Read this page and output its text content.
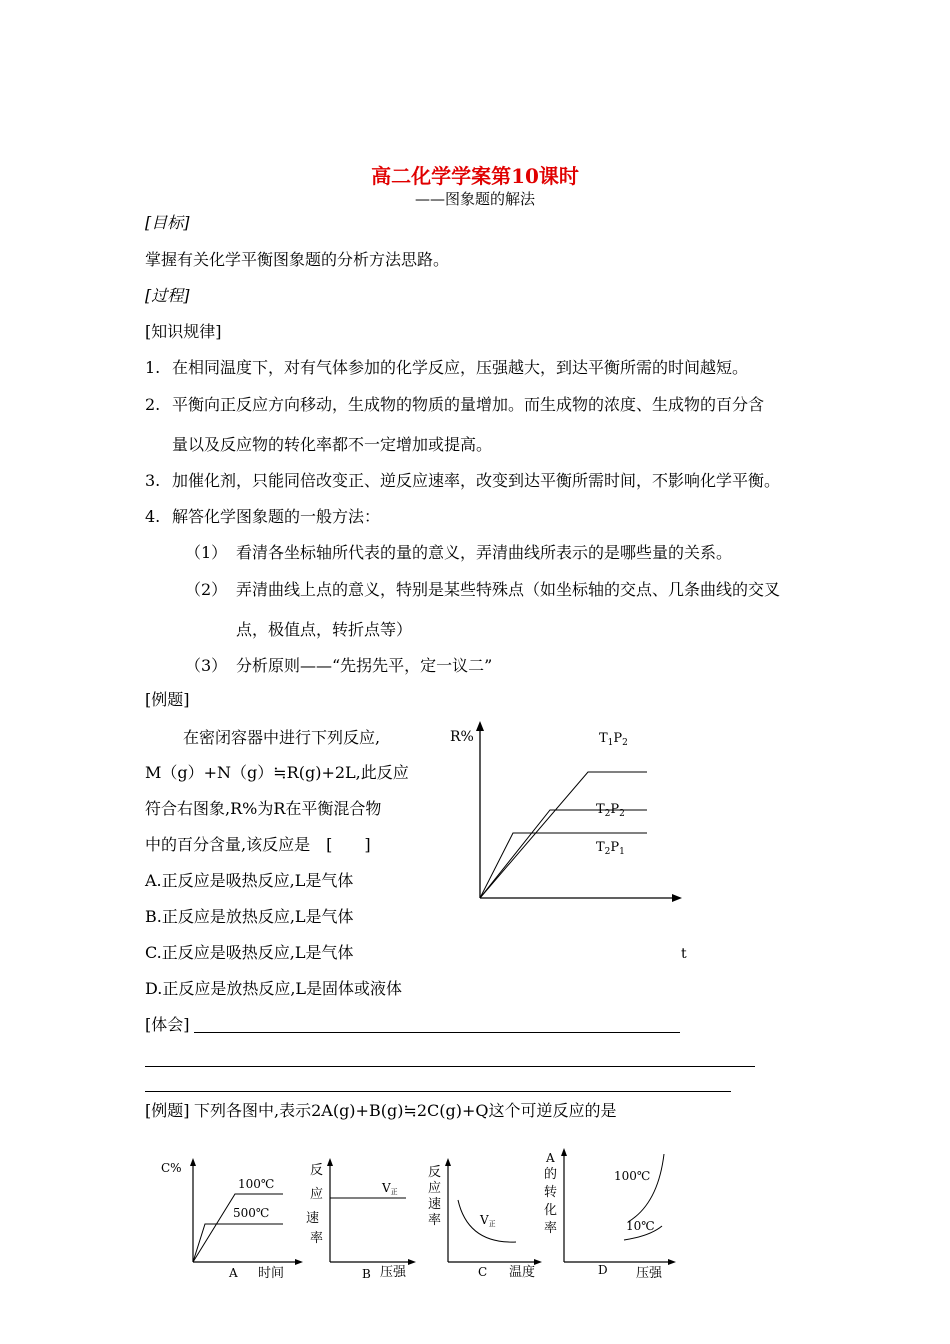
高二化学学案第10课时
——图象题的解法
[目标]
掌握有关化学平衡图象题的分析方法思路。
[过程]
[知识规律]
1. 在相同温度下，对有气体参加的化学反应，压强越大，到达平衡所需的时间越短。
2. 平衡向正反应方向移动，生成物的物质的量增加。而生成物的浓度、生成物的百分含
量以及反应物的转化率都不一定增加或提高。
3. 加催化剂，只能同倍改变正、逆反应速率，改变到达平衡所需时间，不影响化学平衡。
4. 解答化学图象题的一般方法：
（1） 看清各坐标轴所代表的量的意义，弄清曲线所表示的是哪些量的关系。
（2） 弄清曲线上点的意义，特别是某些特殊点（如坐标轴的交点、几条曲线的交叉
点，极值点，转折点等）
（3） 分析原则——“先拐先平，定一议二”
[例题]
在密闭容器中进行下列反应,
M（g）+N（g）≒R(g)+2L,此反应
符合右图象,R%为R在平衡混合物
中的百分含量,该反应是　[　　]
A.正反应是吸热反应,L是气体
B.正反应是放热反应,L是气体
C.正反应是吸热反应,L是气体
D.正反应是放热反应,L是固体或液体
R%	$T_1P_2$
$T_2P_2$
$T_2P_1$
t
[体会]
[例题] 下列各图中,表示2A(g)+B(g)≒2C(g)+Q这个可逆反应的是
C%
100℃
500℃
A 时间
反
应
速
率
V正
B 压强
反
应
速
率	V正
C 温度
A
的
转
化
率
100℃
10℃
D 压强
